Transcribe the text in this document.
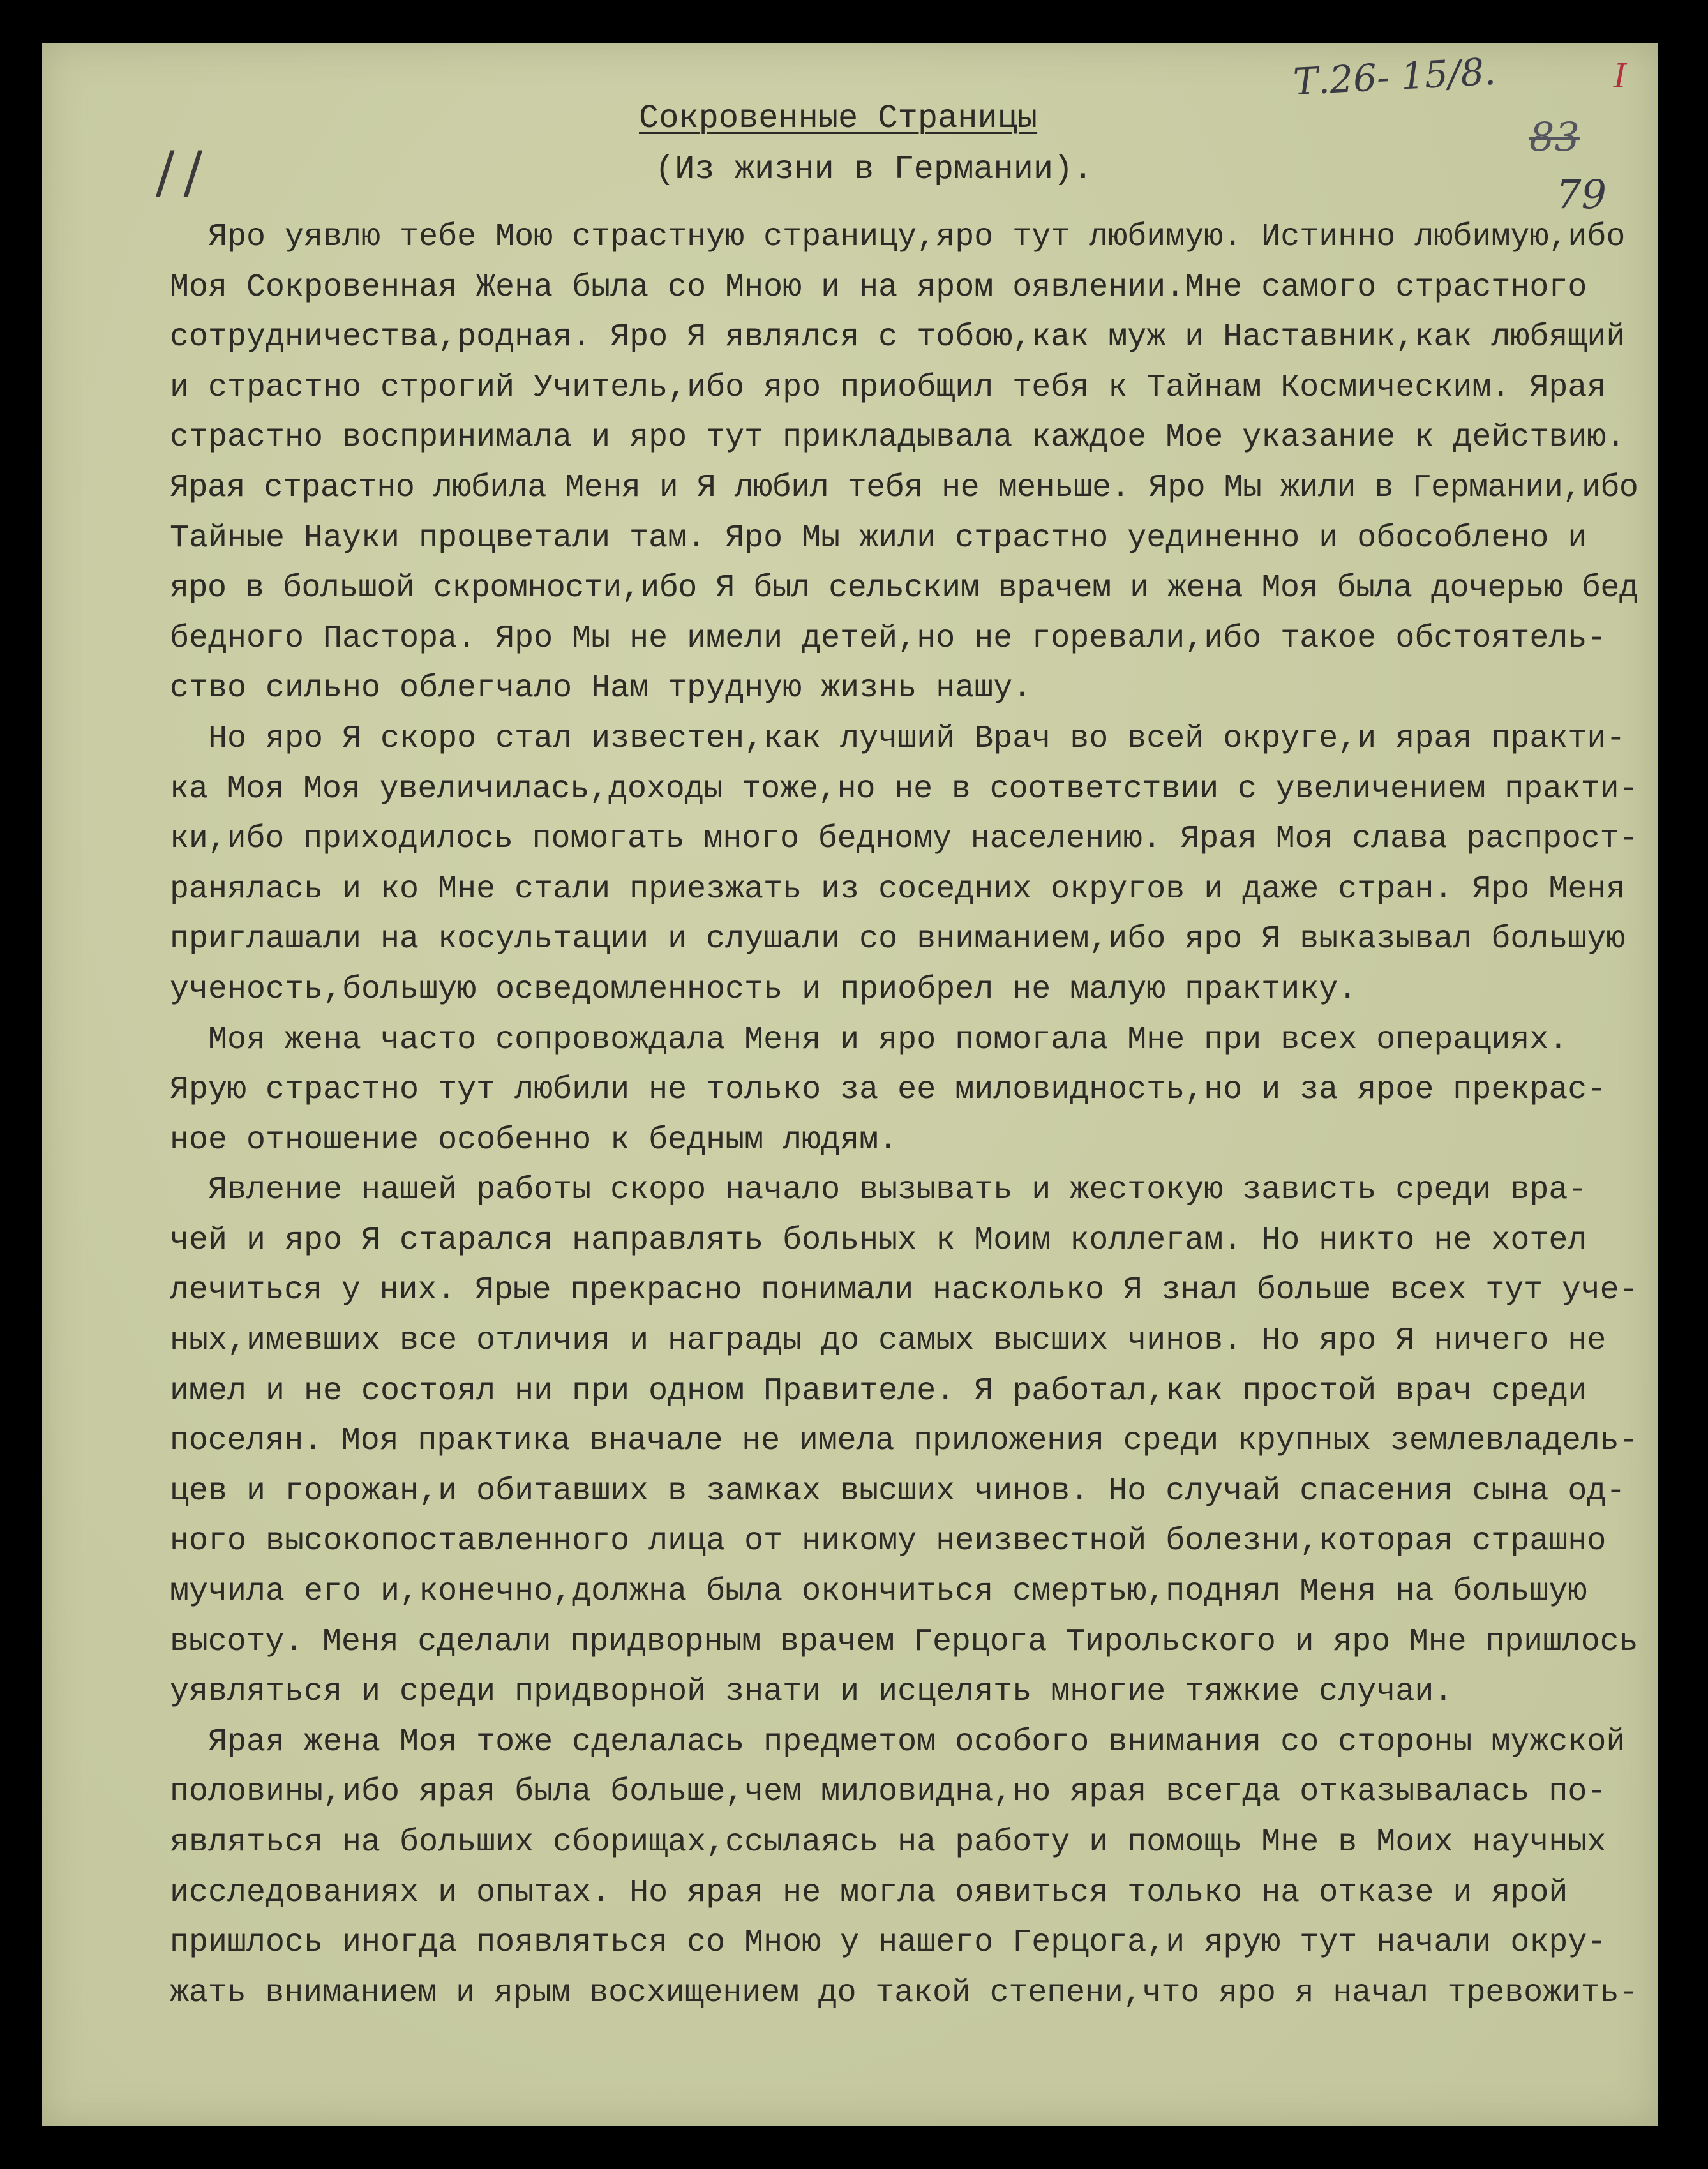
Т.26- 15/8.	I
83
79
//
Сокровенные Страницы
(Из жизни в Германии).
Яро уявлю тебе Мою страстную страницу,яро тут любимую. Истинно любимую,ибо
Моя Сокровенная Жена была со Мною и на яром оявлении.Мне самого страстного
сотрудничества,родная. Яро Я являлся с тобою,как муж и Наставник,как любящий
и страстно строгий Учитель,ибо яро приобщил тебя к Тайнам Космическим. Ярая
страстно воспринимала и яро тут прикладывала каждое Мое указание к действию.
Ярая страстно любила Меня и Я любил тебя не меньше. Яро Мы жили в Германии,ибо
Тайные Науки процветали там. Яро Мы жили страстно уединенно и обособлено и
яро в большой скромности,ибо Я был сельским врачем и жена Моя была дочерью бед
бедного Пастора. Яро Мы не имели детей,но не горевали,ибо такое обстоятель-
ство сильно облегчало Нам трудную жизнь нашу.
Но яро Я скоро стал известен,как лучший Врач во всей округе,и ярая практи-
ка Моя Моя увеличилась,доходы тоже,но не в соответствии с увеличением практи-
ки,ибо приходилось помогать много бедному населению. Ярая Моя слава распрост-
ранялась и ко Мне стали приезжать из соседних округов и даже стран. Яро Меня
приглашали на косультации и слушали со вниманием,ибо яро Я выказывал большую
ученость,большую осведомленность и приобрел не малую практику.
Моя жена часто сопровождала Меня и яро помогала Мне при всех операциях.
Ярую страстно тут любили не только за ее миловидность,но и за ярое прекрас-
ное отношение особенно к бедным людям.
Явление нашей работы скоро начало вызывать и жестокую зависть среди вра-
чей и яро Я старался направлять больных к Моим коллегам. Но никто не хотел
лечиться у них. Ярые прекрасно понимали насколько Я знал больше всех тут уче-
ных,имевших все отличия и награды до самых высших чинов. Но яро Я ничего не
имел и не состоял ни при одном Правителе. Я работал,как простой врач среди
поселян. Моя практика вначале не имела приложения среди крупных землевладель-
цев и горожан,и обитавших в замках высших чинов. Но случай спасения сына од-
ного высокопоставленного лица от никому неизвестной болезни,которая страшно
мучила его и,конечно,должна была окончиться смертью,поднял Меня на большую
высоту. Меня сделали придворным врачем Герцога Тирольского и яро Мне пришлось
уявляться и среди придворной знати и исцелять многие тяжкие случаи.
Ярая жена Моя тоже сделалась предметом особого внимания со стороны мужской
половины,ибо ярая была больше,чем миловидна,но ярая всегда отказывалась по-
являться на больших сборищах,ссылаясь на работу и помощь Мне в Моих научных
исследованиях и опытах. Но ярая не могла оявиться только на отказе и ярой
пришлось иногда появляться со Мною у нашего Герцога,и ярую тут начали окру-
жать вниманием и ярым восхищением до такой степени,что яро я начал тревожить-
